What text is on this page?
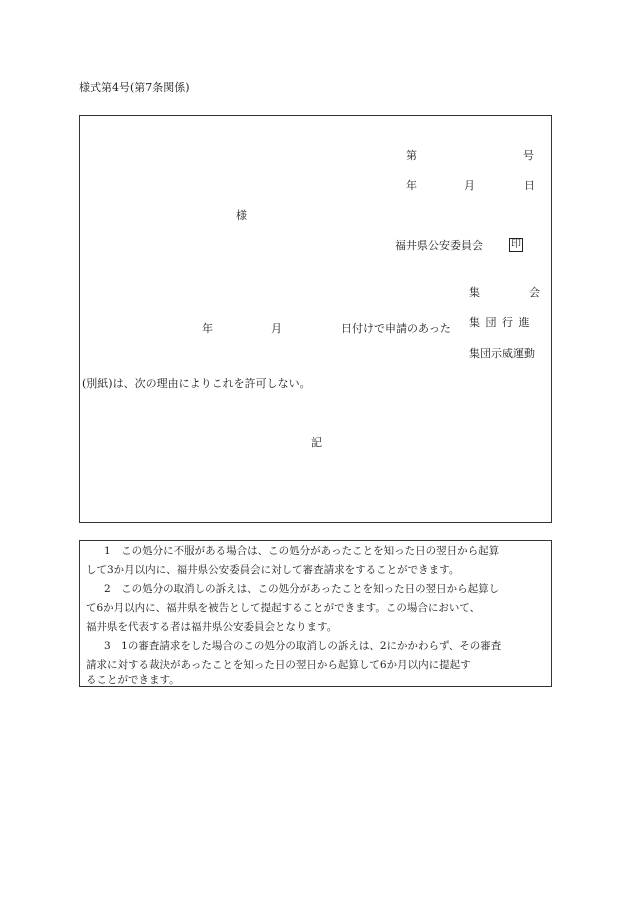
様式第4号(第7条関係)
第	号
年	月	日
様
福井県公安委員会	印
年	月	日付けで申請のあった
集　　　　会
集 団 行 進
集団示威運動
(別紙)は、次の理由によりこれを許可しない。
記
1　この処分に不服がある場合は、この処分があったことを知った日の翌日から起算
して3か月以内に、福井県公安委員会に対して審査請求をすることができます。
2　この処分の取消しの訴えは、この処分があったことを知った日の翌日から起算し
て6か月以内に、福井県を被告として提起することができます。この場合において、
福井県を代表する者は福井県公安委員会となります。
3　1の審査請求をした場合のこの処分の取消しの訴えは、2にかかわらず、その審査
請求に対する裁決があったことを知った日の翌日から起算して6か月以内に提起す
ることができます。
